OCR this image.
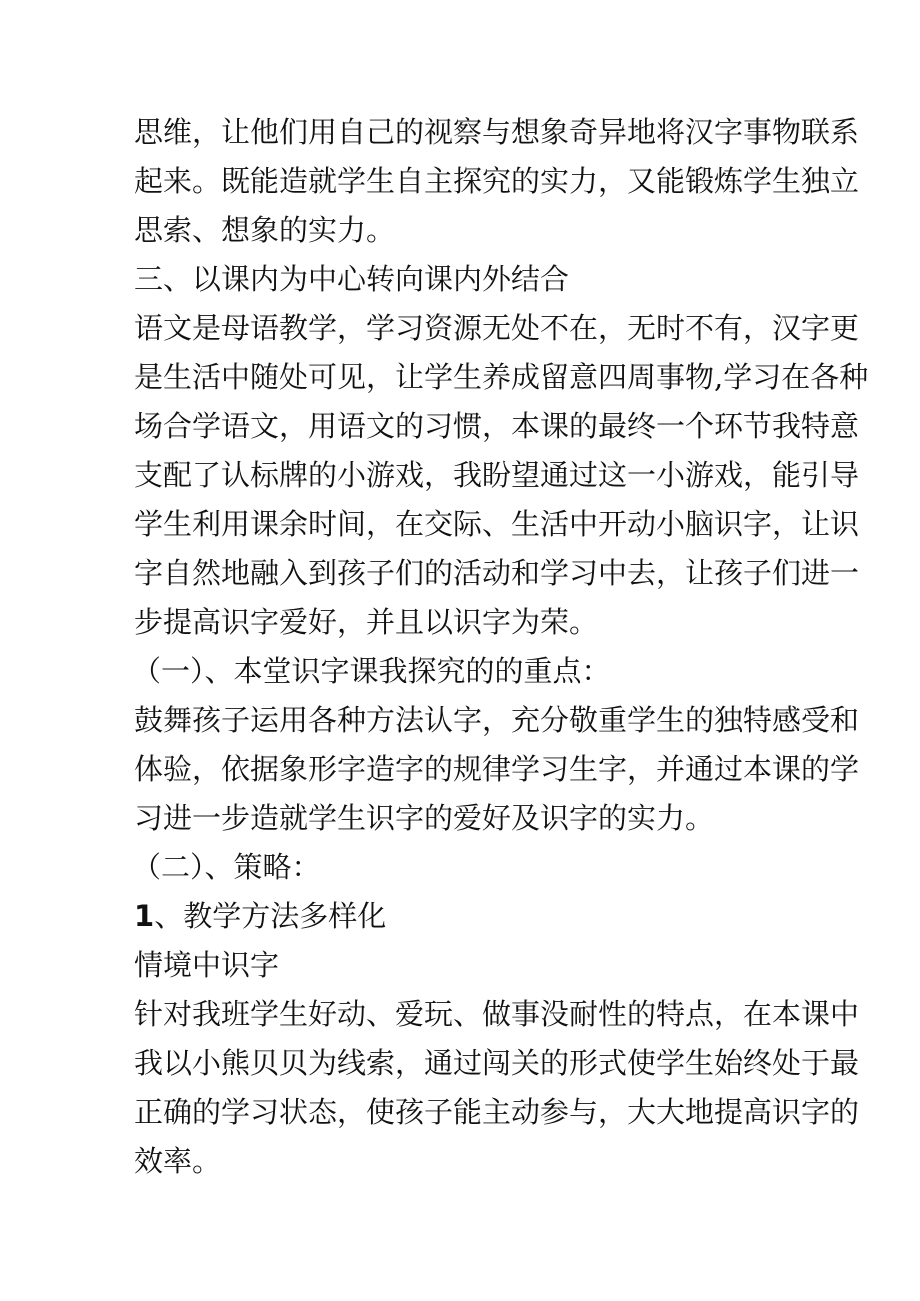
思维，让他们用自己的视察与想象奇异地将汉字事物联系
起来。既能造就学生自主探究的实力，又能锻炼学生独立
思索、想象的实力。
三、以课内为中心转向课内外结合
语文是母语教学，学习资源无处不在，无时不有，汉字更
是生活中随处可见，让学生养成留意四周事物,学习在各种
场合学语文，用语文的习惯，本课的最终一个环节我特意
支配了认标牌的小游戏，我盼望通过这一小游戏，能引导
学生利用课余时间，在交际、生活中开动小脑识字，让识
字自然地融入到孩子们的活动和学习中去，让孩子们进一
步提高识字爱好，并且以识字为荣。
（一）、本堂识字课我探究的的重点：
鼓舞孩子运用各种方法认字，充分敬重学生的独特感受和
体验，依据象形字造字的规律学习生字，并通过本课的学
习进一步造就学生识字的爱好及识字的实力。
（二）、策略：
1、教学方法多样化
情境中识字
针对我班学生好动、爱玩、做事没耐性的特点，在本课中
我以小熊贝贝为线索，通过闯关的形式使学生始终处于最
正确的学习状态，使孩子能主动参与，大大地提高识字的
效率。
